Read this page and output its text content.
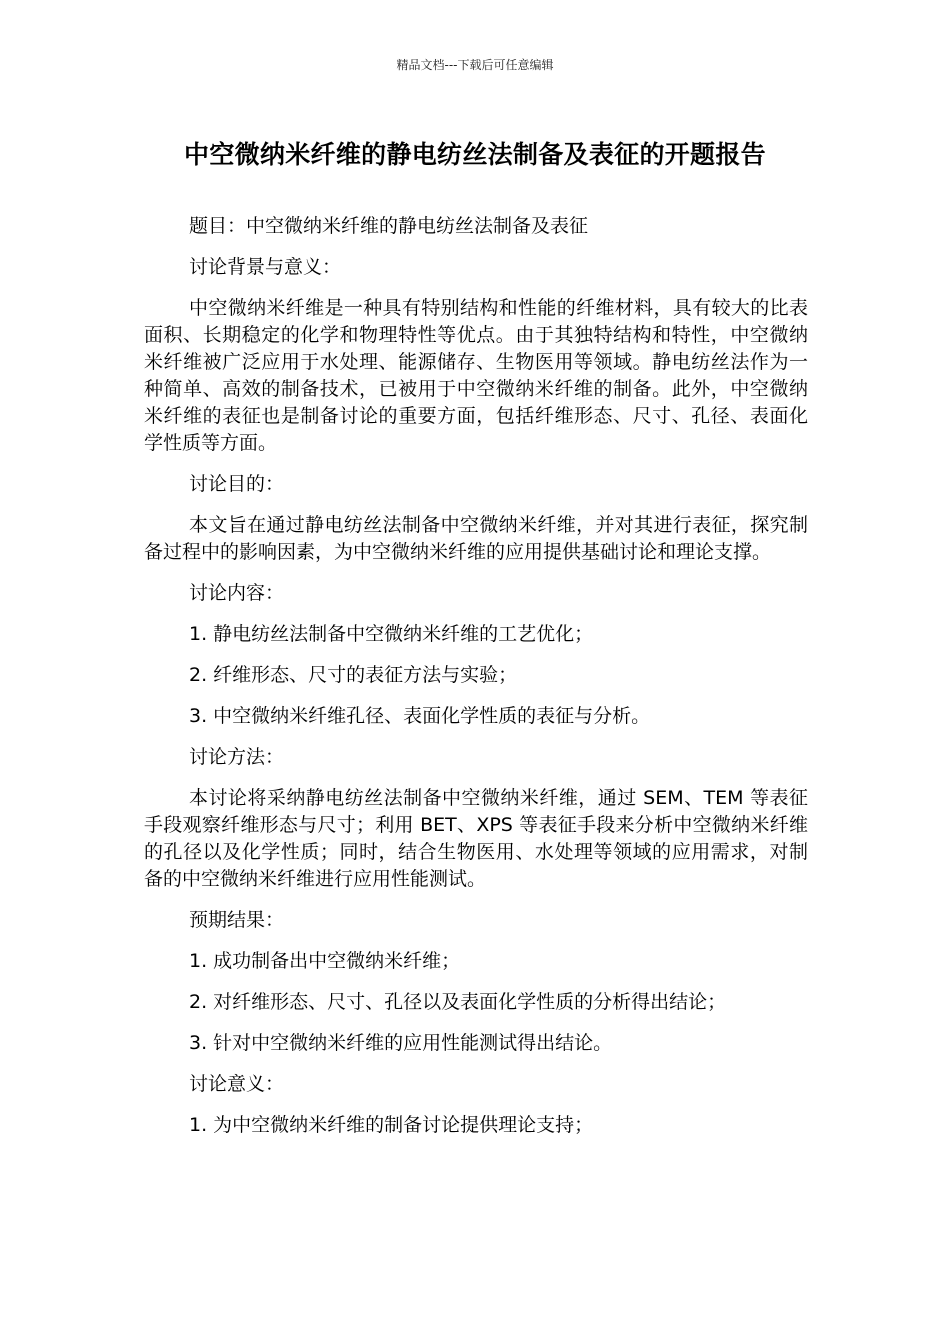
精品文档---下载后可任意编辑
中空微纳米纤维的静电纺丝法制备及表征的开题报告

题目：中空微纳米纤维的静电纺丝法制备及表征

讨论背景与意义：

中空微纳米纤维是一种具有特别结构和性能的纤维材料，具有较大的比表面积、长期稳定的化学和物理特性等优点。由于其独特结构和特性，中空微纳米纤维被广泛应用于水处理、能源储存、生物医用等领域。静电纺丝法作为一种简单、高效的制备技术，已被用于中空微纳米纤维的制备。此外，中空微纳米纤维的表征也是制备讨论的重要方面，包括纤维形态、尺寸、孔径、表面化学性质等方面。

讨论目的：

本文旨在通过静电纺丝法制备中空微纳米纤维，并对其进行表征，探究制备过程中的影响因素，为中空微纳米纤维的应用提供基础讨论和理论支撑。

讨论内容：

1. 静电纺丝法制备中空微纳米纤维的工艺优化；

2. 纤维形态、尺寸的表征方法与实验；

3. 中空微纳米纤维孔径、表面化学性质的表征与分析。

讨论方法：

本讨论将采纳静电纺丝法制备中空微纳米纤维，通过 SEM、TEM 等表征手段观察纤维形态与尺寸；利用 BET、XPS 等表征手段来分析中空微纳米纤维的孔径以及化学性质；同时，结合生物医用、水处理等领域的应用需求，对制备的中空微纳米纤维进行应用性能测试。

预期结果：

1. 成功制备出中空微纳米纤维；

2. 对纤维形态、尺寸、孔径以及表面化学性质的分析得出结论；

3. 针对中空微纳米纤维的应用性能测试得出结论。

讨论意义：

1. 为中空微纳米纤维的制备讨论提供理论支持；
